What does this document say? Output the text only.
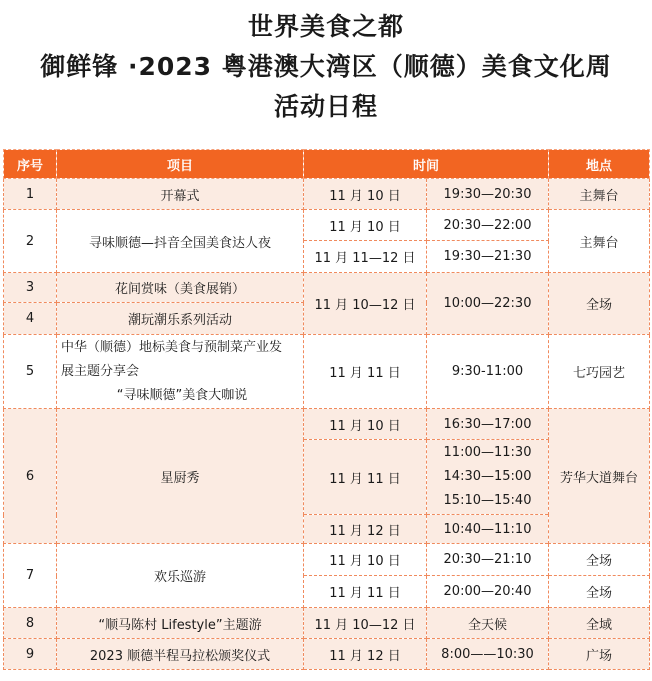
世界美食之都
御鲜锋 ·2023 粤港澳大湾区（顺德）美食文化周
活动日程
序号	项目	时间		地点
1	开幕式	11 月 10 日	19:30—20:30	主舞台
2	寻味顺德—抖音全国美食达人夜	11 月 10 日	20:30—22:00	主舞台
		11 月 11—12 日	19:30—21:30	
3	花间赏味（美食展销）	11 月 10—12 日	10:00—22:30	全场
4	潮玩潮乐系列活动			
5	中华（顺德）地标美食与预制菜产业发
展主题分享会
“寻味顺德”美食大咖说	11 月 11 日	9:30-11:00	七巧园艺
6	星厨秀	11 月 10 日	16:30—17:00	芳华大道舞台
		11 月 11 日	11:00—11:30
14:30—15:00
15:10—15:40	

		11 月 12 日	10:40—11:10	
7	欢乐巡游	11 月 10 日	20:30—21:10	全场
		11 月 11 日	20:00—20:40	全场
8	“顺马陈村 Lifestyle”主题游	11 月 10—12 日	全天候	全域
9	2023 顺德半程马拉松颁奖仪式	11 月 12 日	8:00——10:30	广场
